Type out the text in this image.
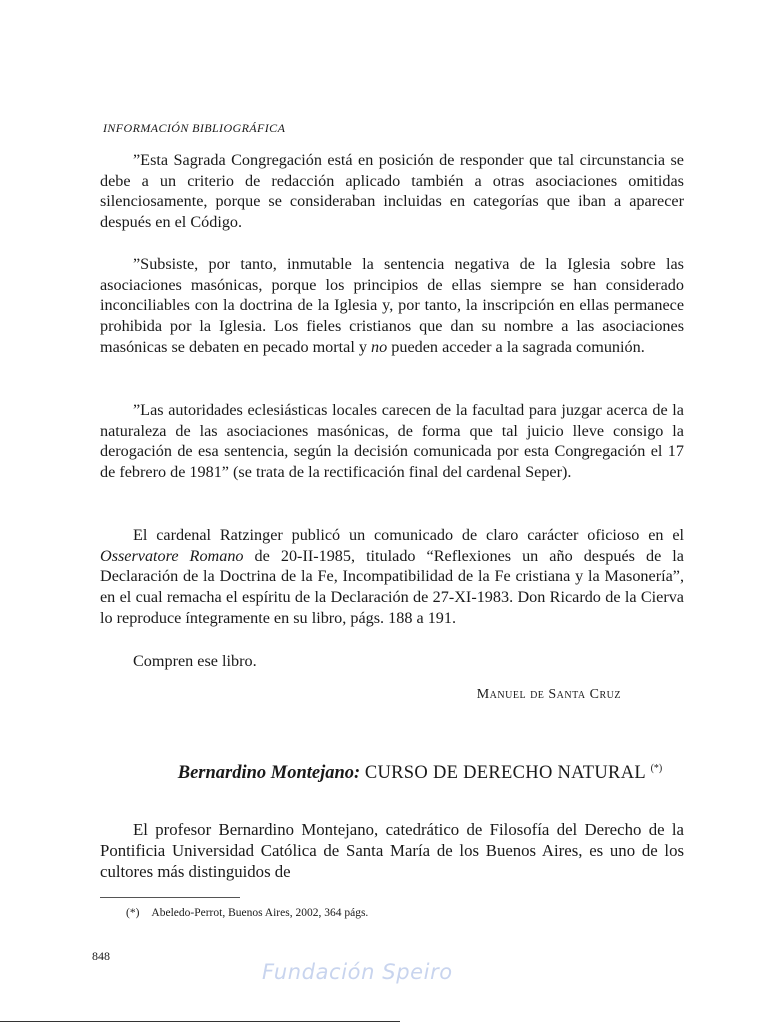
INFORMACIÓN BIBLIOGRÁFICA

”Esta Sagrada Congregación está en posición de responder que tal circunstancia se debe a un criterio de redacción aplicado también a otras asociaciones omitidas silenciosamente, porque se consideraban incluidas en categorías que iban a aparecer después en el Código.

”Subsiste, por tanto, inmutable la sentencia negativa de la Iglesia sobre las asociaciones masónicas, porque los principios de ellas siempre se han considerado inconciliables con la doctrina de la Iglesia y, por tanto, la inscripción en ellas permanece prohibida por la Iglesia. Los fieles cristianos que dan su nombre a las asociaciones masónicas se debaten en pecado mortal y no pueden acceder a la sagrada comunión.

”Las autoridades eclesiásticas locales carecen de la facultad para juzgar acerca de la naturaleza de las asociaciones masónicas, de forma que tal juicio lleve consigo la derogación de esa sentencia, según la decisión comunicada por esta Congregación el 17 de febrero de 1981” (se trata de la rectificación final del cardenal Seper).

El cardenal Ratzinger publicó un comunicado de claro carácter oficioso en el Osservatore Romano de 20-II-1985, titulado “Reflexiones un año después de la Declaración de la Doctrina de la Fe, Incompatibilidad de la Fe cristiana y la Masonería”, en el cual remacha el espíritu de la Declaración de 27-XI-1983. Don Ricardo de la Cierva lo reproduce íntegramente en su libro, págs. 188 a 191.

Compren ese libro.

Manuel de Santa Cruz
Bernardino Montejano: CURSO DE DERECHO NATURAL (*)

El profesor Bernardino Montejano, catedrático de Filosofía del Derecho de la Pontificia Universidad Católica de Santa María de los Buenos Aires, es uno de los cultores más distinguidos de

(*) Abeledo-Perrot, Buenos Aires, 2002, 364 págs.
848
Fundación Speiro
